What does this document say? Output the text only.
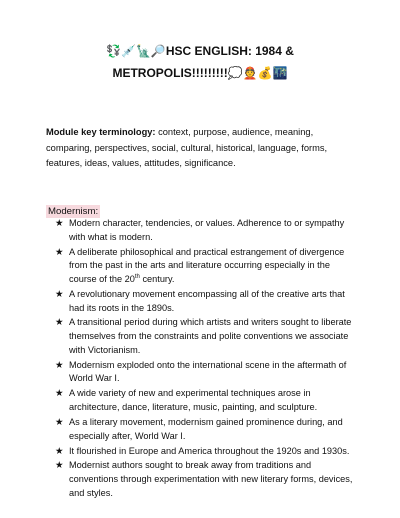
💱💉🗽🔎HSC ENGLISH: 1984 &
METROPOLIS!!!!!!!!!💭👲💰🌃
Module key terminology: context, purpose, audience, meaning, comparing, perspectives, social, cultural, historical, language, forms, features, ideas, values, attitudes, significance.
Modernism:
★ Modern character, tendencies, or values. Adherence to or sympathy with what is modern.
★ A deliberate philosophical and practical estrangement of divergence from the past in the arts and literature occurring especially in the course of the 20th century.
★ A revolutionary movement encompassing all of the creative arts that had its roots in the 1890s.
★ A transitional period during which artists and writers sought to liberate themselves from the constraints and polite conventions we associate with Victorianism.
★ Modernism exploded onto the international scene in the aftermath of World War I.
★ A wide variety of new and experimental techniques arose in architecture, dance, literature, music, painting, and sculpture.
★ As a literary movement, modernism gained prominence during, and especially after, World War I.
★ It flourished in Europe and America throughout the 1920s and 1930s.
★ Modernist authors sought to break away from traditions and conventions through experimentation with new literary forms, devices, and styles.
